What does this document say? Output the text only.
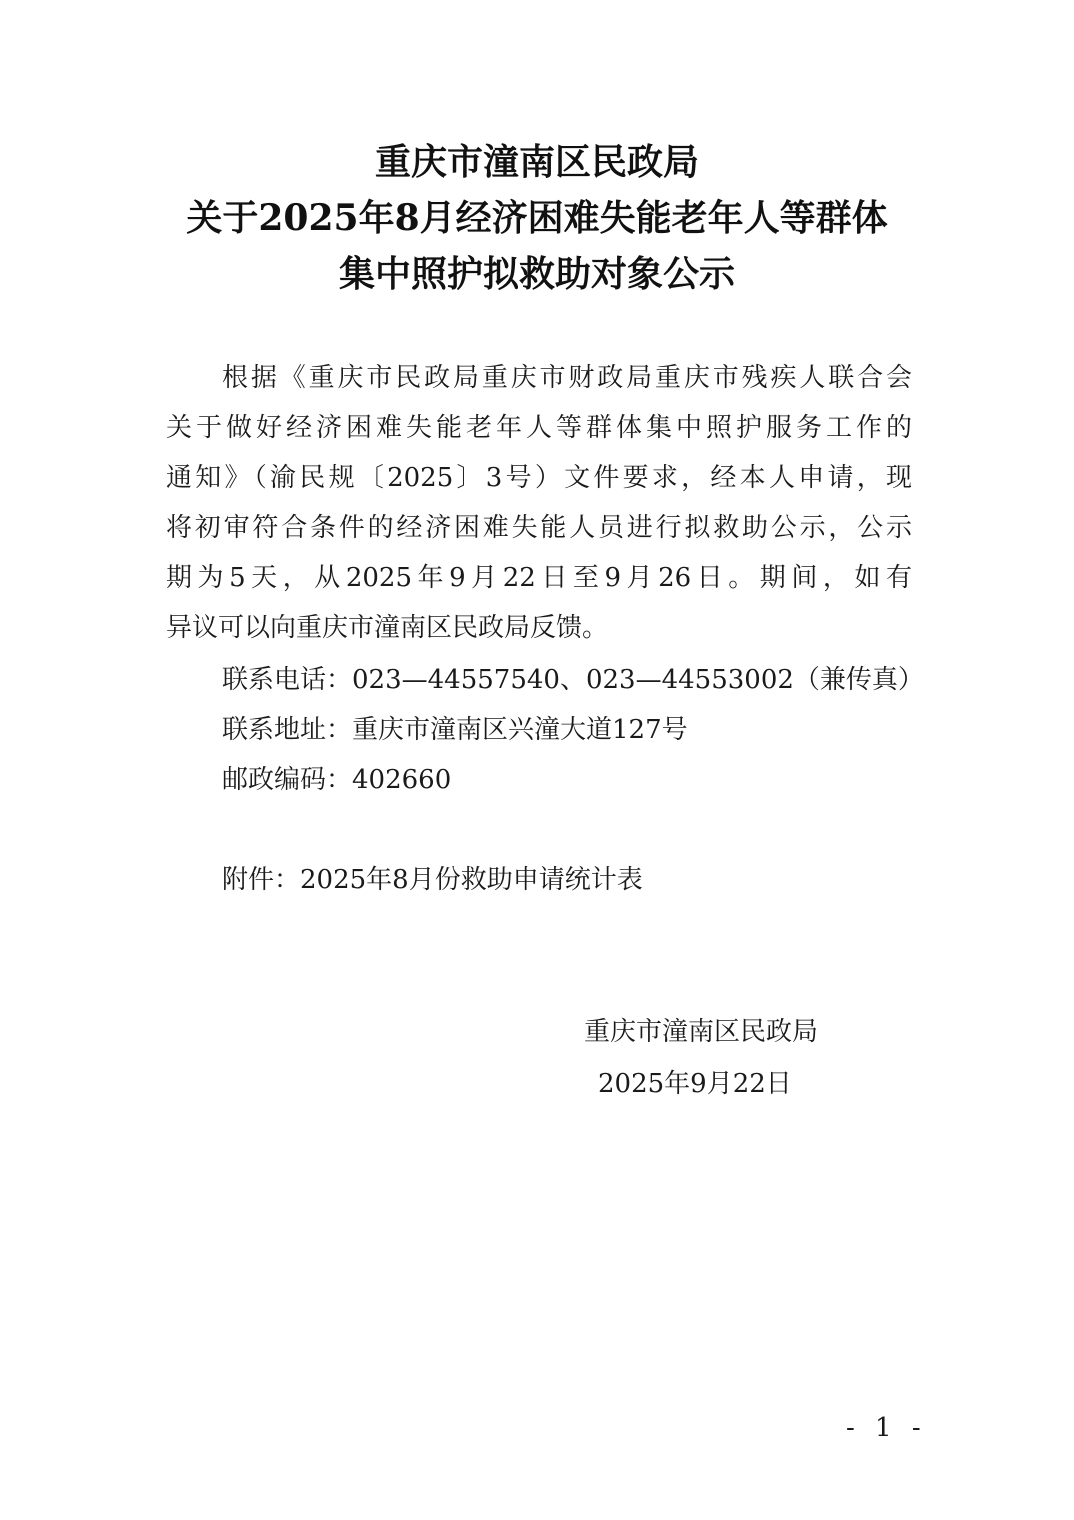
重庆市潼南区民政局
关于2025年8月经济困难失能老年人等群体
集中照护拟救助对象公示
根据《重庆市民政局重庆市财政局重庆市残疾人联合会
关于做好经济困难失能老年人等群体集中照护服务工作的
通知》（渝民规〔2025〕3号）文件要求，经本人申请，现
将初审符合条件的经济困难失能人员进行拟救助公示，公示
期为5天，从2025年9月22日至9月26日。期间，如有
异议可以向重庆市潼南区民政局反馈。
联系电话：023—44557540、023—44553002（兼传真）
联系地址：重庆市潼南区兴潼大道127号
邮政编码：402660
附件：2025年8月份救助申请统计表
重庆市潼南区民政局
2025年9月22日
- 1 -
